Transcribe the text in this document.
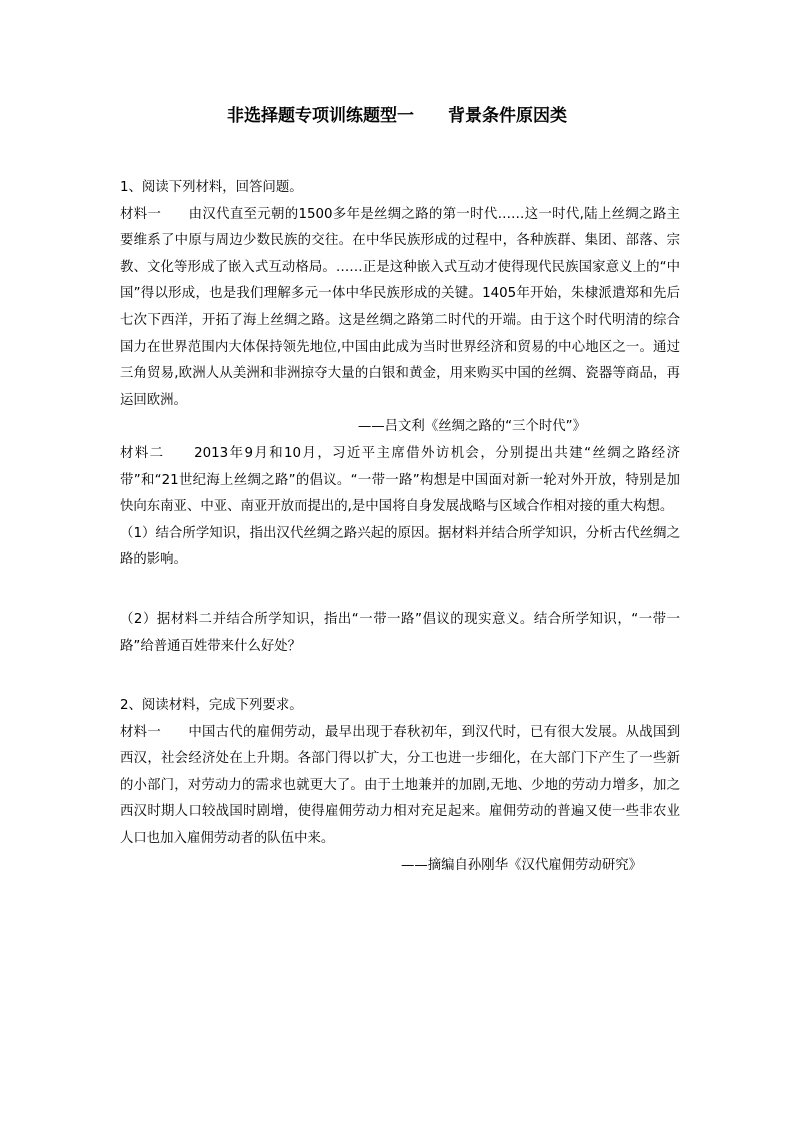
非选择题专项训练题型一　　背景条件原因类

1、阅读下列材料，回答问题。

材料一　　由汉代直至元朝的1500多年是丝绸之路的第一时代……这一时代,陆上丝绸之路主要维系了中原与周边少数民族的交往。在中华民族形成的过程中，各种族群、集团、部落、宗教、文化等形成了嵌入式互动格局。……正是这种嵌入式互动才使得现代民族国家意义上的“中国”得以形成，也是我们理解多元一体中华民族形成的关键。1405年开始，朱棣派遣郑和先后七次下西洋，开拓了海上丝绸之路。这是丝绸之路第二时代的开端。由于这个时代明清的综合国力在世界范围内大体保持领先地位,中国由此成为当时世界经济和贸易的中心地区之一。通过三角贸易,欧洲人从美洲和非洲掠夺大量的白银和黄金，用来购买中国的丝绸、瓷器等商品，再运回欧洲。

——吕文利《丝绸之路的“三个时代”》

材料二　　2013年9月和10月，习近平主席借外访机会，分别提出共建“丝绸之路经济带”和“21世纪海上丝绸之路”的倡议。“一带一路”构想是中国面对新一轮对外开放，特别是加快向东南亚、中亚、南亚开放而提出的,是中国将自身发展战略与区域合作相对接的重大构想。

（1）结合所学知识，指出汉代丝绸之路兴起的原因。据材料并结合所学知识，分析古代丝绸之路的影响。

（2）据材料二并结合所学知识，指出“一带一路”倡议的现实意义。结合所学知识，“一带一路”给普通百姓带来什么好处？

2、阅读材料，完成下列要求。

材料一　　中国古代的雇佣劳动，最早出现于春秋初年，到汉代时，已有很大发展。从战国到西汉，社会经济处在上升期。各部门得以扩大，分工也进一步细化，在大部门下产生了一些新的小部门，对劳动力的需求也就更大了。由于土地兼并的加剧,无地、少地的劳动力增多，加之西汉时期人口较战国时剧增，使得雇佣劳动力相对充足起来。雇佣劳动的普遍又使一些非农业人口也加入雇佣劳动者的队伍中来。

——摘编自孙刚华《汉代雇佣劳动研究》
